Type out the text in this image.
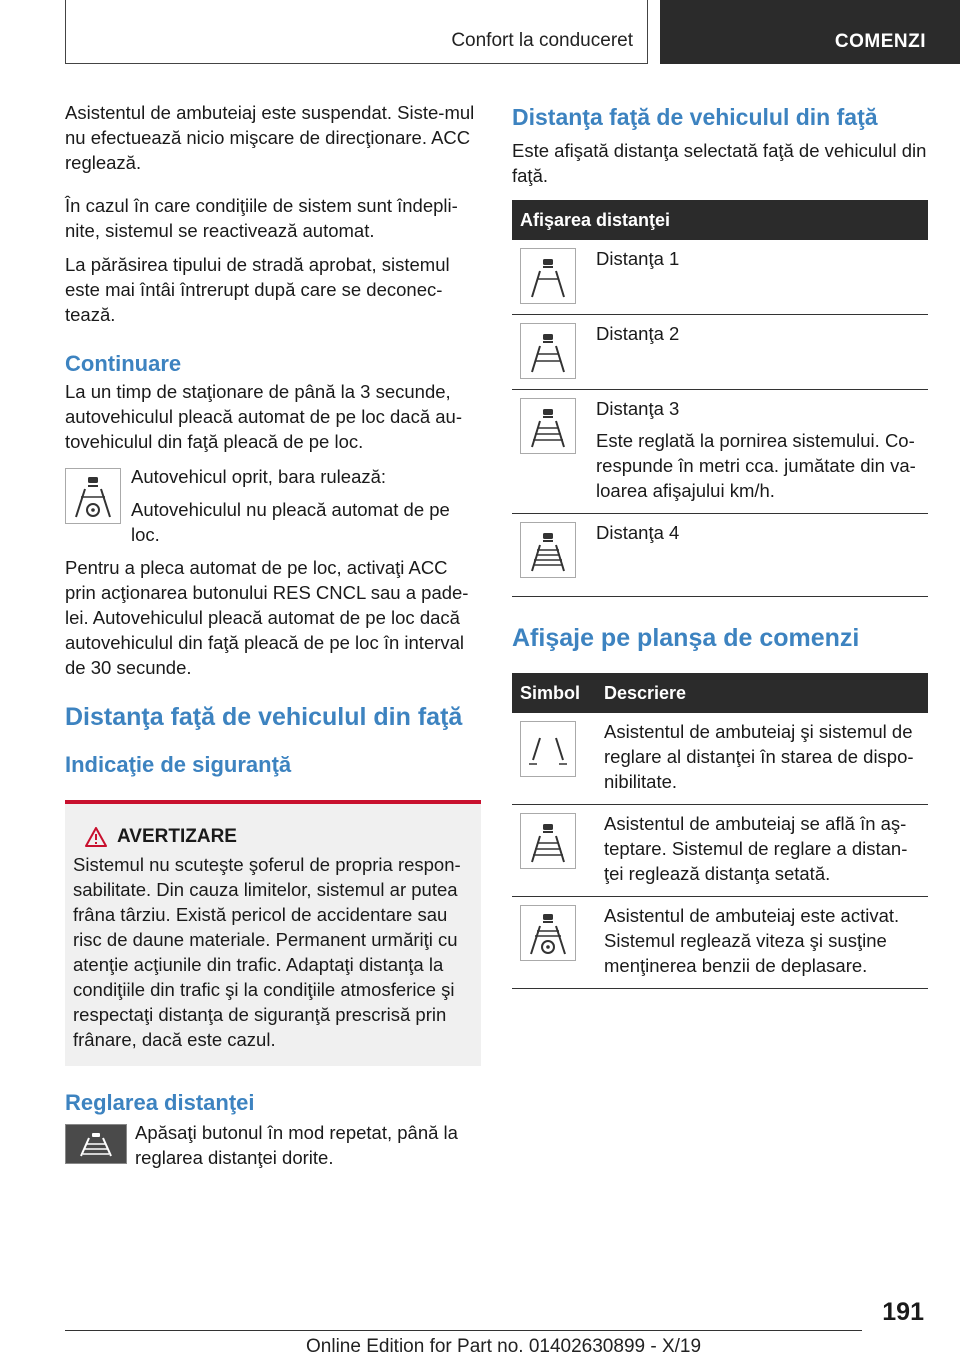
Confort la conduceret	COMENZI

Asistentul de ambuteiaj este suspendat. Siste-mul nu efectuează nicio mişcare de direcţionare. ACC reglează.

În cazul în care condiţiile de sistem sunt îndepli-nite, sistemul se reactivează automat.

La părăsirea tipului de stradă aprobat, sistemul este mai întâi întrerupt după care se deconec-tează.

Continuare

La un timp de staţionare de până la 3 secunde, autovehiculul pleacă automat de pe loc dacă au-tovehiculul din faţă pleacă de pe loc.

Autovehicul oprit, bara rulează:

Autovehiculul nu pleacă automat de pe loc.

Pentru a pleca automat de pe loc, activaţi ACC prin acţionarea butonului RES CNCL sau a pade-lei. Autovehiculul pleacă automat de pe loc dacă autovehiculul din faţă pleacă de pe loc în interval de 30 secunde.

Distanţa faţă de vehiculul din faţă
Indicaţie de siguranţă
AVERTIZARE

Sistemul nu scuteşte şoferul de propria respon-sabilitate. Din cauza limitelor, sistemul ar putea frâna târziu. Există pericol de accidentare sau risc de daune materiale. Permanent urmăriţi cu atenţie acţiunile din trafic. Adaptaţi distanţa la condiţiile din trafic şi la condiţiile atmosferice şi respectaţi distanţa de siguranţă prescrisă prin frânare, dacă este cazul.

Reglarea distanţei

Apăsaţi butonul în mod repetat, până la reglarea distanţei dorite.

Distanţa faţă de vehiculul din faţă

Este afişată distanţa selectată faţă de vehiculul din faţă.

Afişarea distanţei	

Distanţa 1

Distanţa 2

Distanţa 3

Este reglată la pornirea sistemului. Co-respunde în metri cca. jumătate din va-loarea afişajului km/h.

Distanţa 4

Afişaje pe planşa de comenzi
Simbol	Descriere

Asistentul de ambuteiaj şi sistemul de reglare al distanţei în starea de dispo-nibilitate.

Asistentul de ambuteiaj se află în aş-teptare. Sistemul de reglare a distan-ţei reglează distanţa setată.

Asistentul de ambuteiaj este activat. Sistemul reglează viteza şi susţine menţinerea benzii de deplasare.

191
Online Edition for Part no. 01402630899 - X/19
